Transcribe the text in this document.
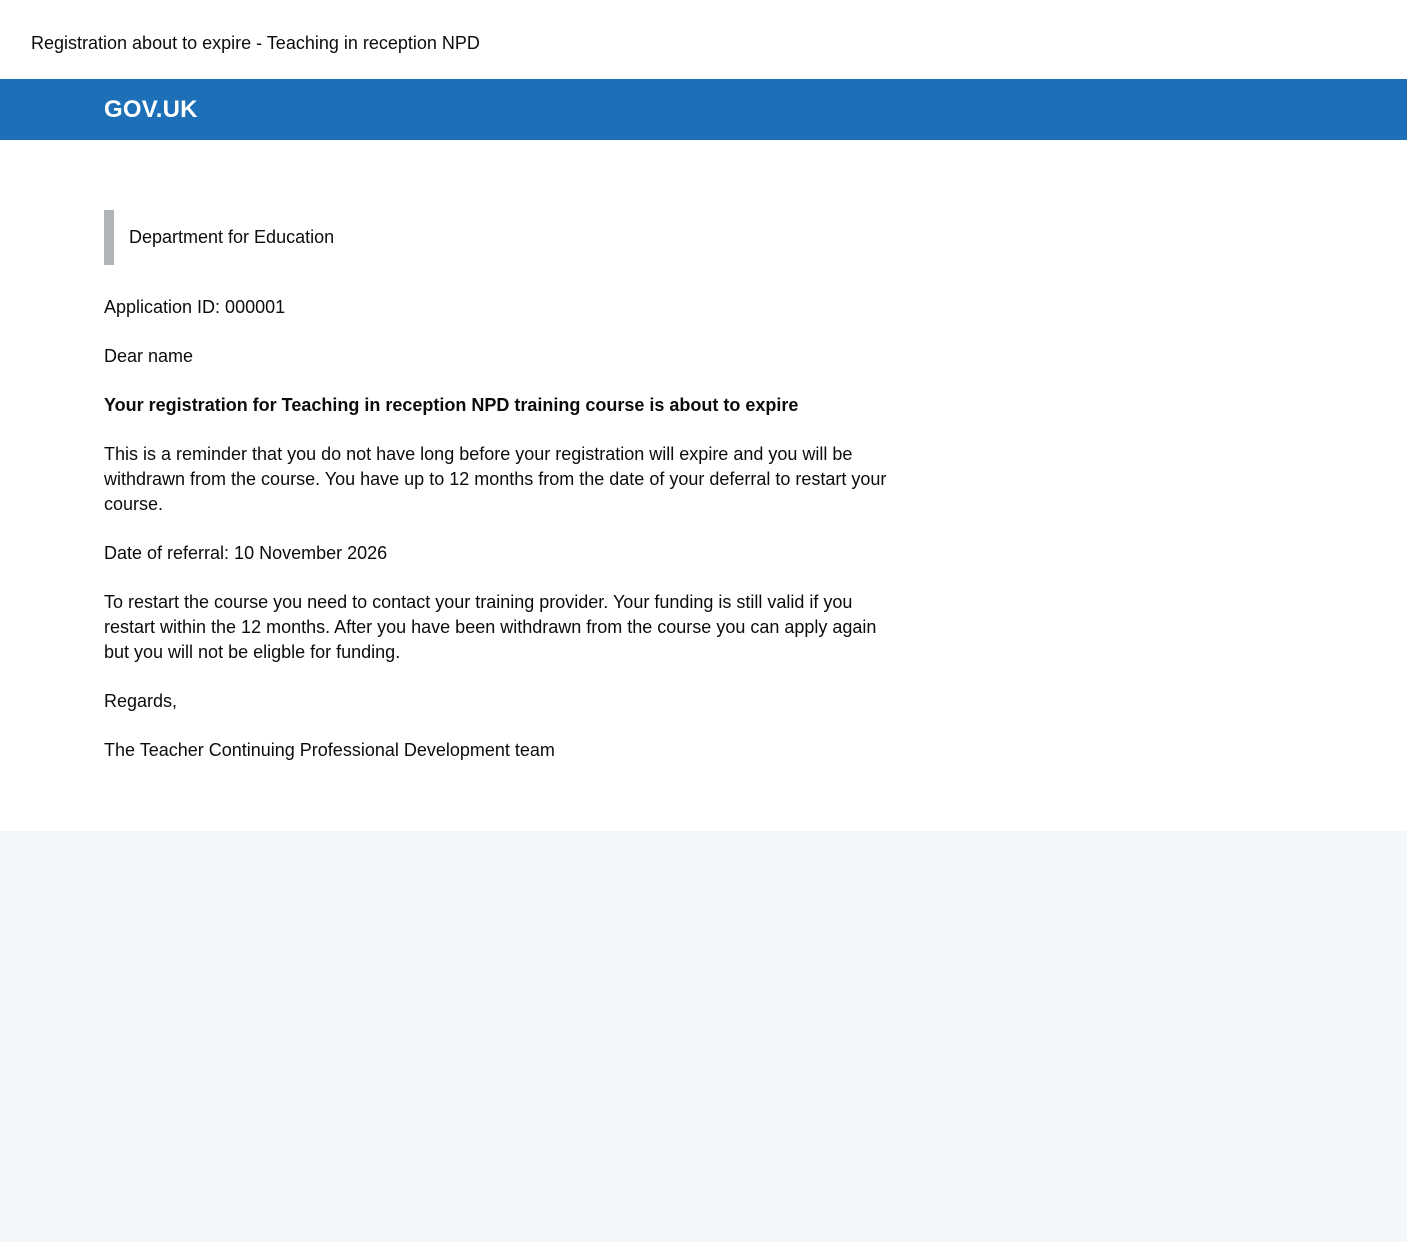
Registration about to expire - Teaching in reception NPD
GOV.UK
Department for Education

Application ID: 000001

Dear name

Your registration for Teaching in reception NPD training course is about to expire

This is a reminder that you do not have long before your registration will expire and you will be withdrawn from the course. You have up to 12 months from the date of your deferral to restart your course.

Date of referral: 10 November 2026

To restart the course you need to contact your training provider. Your funding is still valid if you restart within the 12 months. After you have been withdrawn from the course you can apply again but you will not be eligble for funding.

Regards,

The Teacher Continuing Professional Development team
